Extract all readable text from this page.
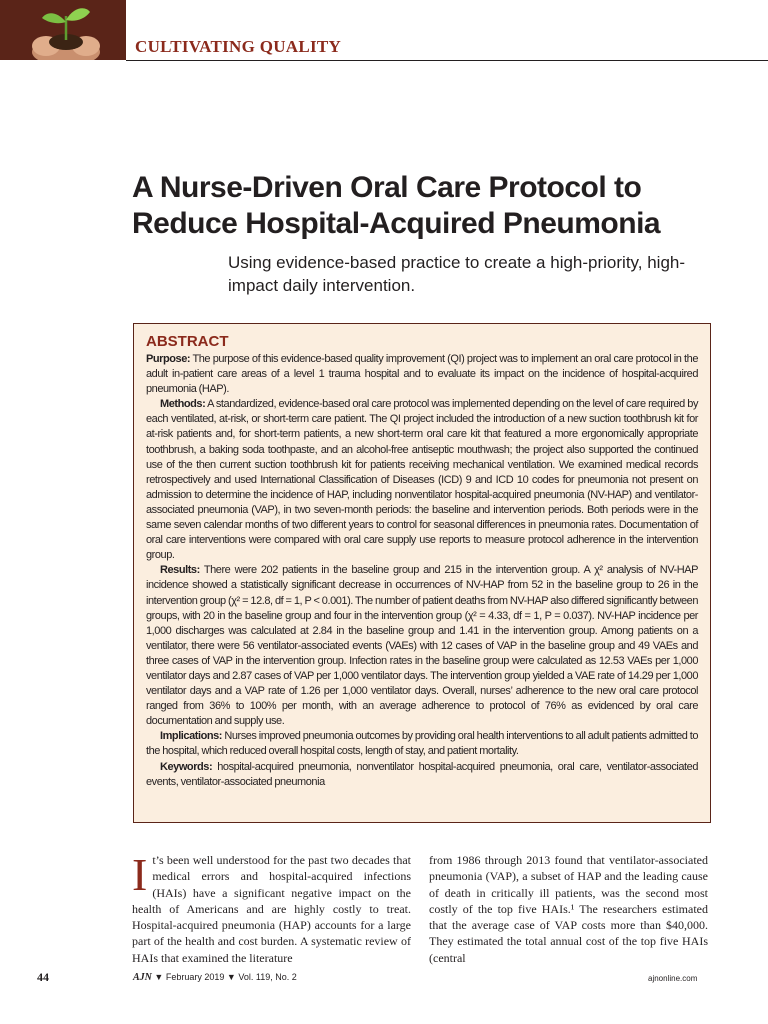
CULTIVATING QUALITY
A Nurse-Driven Oral Care Protocol to Reduce Hospital-Acquired Pneumonia

Using evidence-based practice to create a high-priority, high-impact daily intervention.

ABSTRACT

Purpose: The purpose of this evidence-based quality improvement (QI) project was to implement an oral care protocol in the adult in-patient care areas of a level 1 trauma hospital and to evaluate its impact on the incidence of hospital-acquired pneumonia (HAP).

Methods: A standardized, evidence-based oral care protocol was implemented depending on the level of care required by each ventilated, at-risk, or short-term care patient. The QI project included the introduction of a new suction toothbrush kit for at-risk patients and, for short-term patients, a new short-term oral care kit that featured a more ergonomically appropriate toothbrush, a baking soda toothpaste, and an alcohol-free antiseptic mouthwash; the project also supported the continued use of the then current suction toothbrush kit for patients receiving mechanical ventilation. We examined medical records retrospectively and used International Classification of Diseases (ICD) 9 and ICD 10 codes for pneumonia not present on admission to determine the incidence of HAP, including nonventilator hospital-acquired pneumonia (NV-HAP) and ventilator-associated pneumonia (VAP), in two seven-month periods: the baseline and intervention periods. Both periods were in the same seven calendar months of two different years to control for seasonal differences in pneumonia rates. Documentation of oral care interventions were compared with oral care supply use reports to measure protocol adherence in the intervention group.

Results: There were 202 patients in the baseline group and 215 in the intervention group. A χ² analysis of NV-HAP incidence showed a statistically significant decrease in occurrences of NV-HAP from 52 in the baseline group to 26 in the intervention group (χ² = 12.8, df = 1, P < 0.001). The number of patient deaths from NV-HAP also differed significantly between groups, with 20 in the baseline group and four in the intervention group (χ² = 4.33, df = 1, P = 0.037). NV-HAP incidence per 1,000 discharges was calculated at 2.84 in the baseline group and 1.41 in the intervention group. Among patients on a ventilator, there were 56 ventilator-associated events (VAEs) with 12 cases of VAP in the baseline group and 49 VAEs and three cases of VAP in the intervention group. Infection rates in the baseline group were calculated as 12.53 VAEs per 1,000 ventilator days and 2.87 cases of VAP per 1,000 ventilator days. The intervention group yielded a VAE rate of 14.29 per 1,000 ventilator days and a VAP rate of 1.26 per 1,000 ventilator days. Overall, nurses’ adherence to the new oral care protocol ranged from 36% to 100% per month, with an average adherence to protocol of 76% as evidenced by oral care documentation and supply use.

Implications: Nurses improved pneumonia outcomes by providing oral health interventions to all adult patients admitted to the hospital, which reduced overall hospital costs, length of stay, and patient mortality.

Keywords: hospital-acquired pneumonia, nonventilator hospital-acquired pneumonia, oral care, ventilator-associated events, ventilator-associated pneumonia

It’s been well understood for the past two decades that medical errors and hospital-acquired infections (HAIs) have a significant negative impact on the health of Americans and are highly costly to treat. Hospital-acquired pneumonia (HAP) accounts for a large part of the health and cost burden. A systematic review of HAIs that examined the literature

from 1986 through 2013 found that ventilator-associated pneumonia (VAP), a subset of HAP and the leading cause of death in critically ill patients, was the second most costly of the top five HAIs.¹ The researchers estimated that the average case of VAP costs more than $40,000. They estimated the total annual cost of the top five HAIs (central

44	AJN ▼ February 2019 ▼ Vol. 119, No. 2	ajnonline.com
